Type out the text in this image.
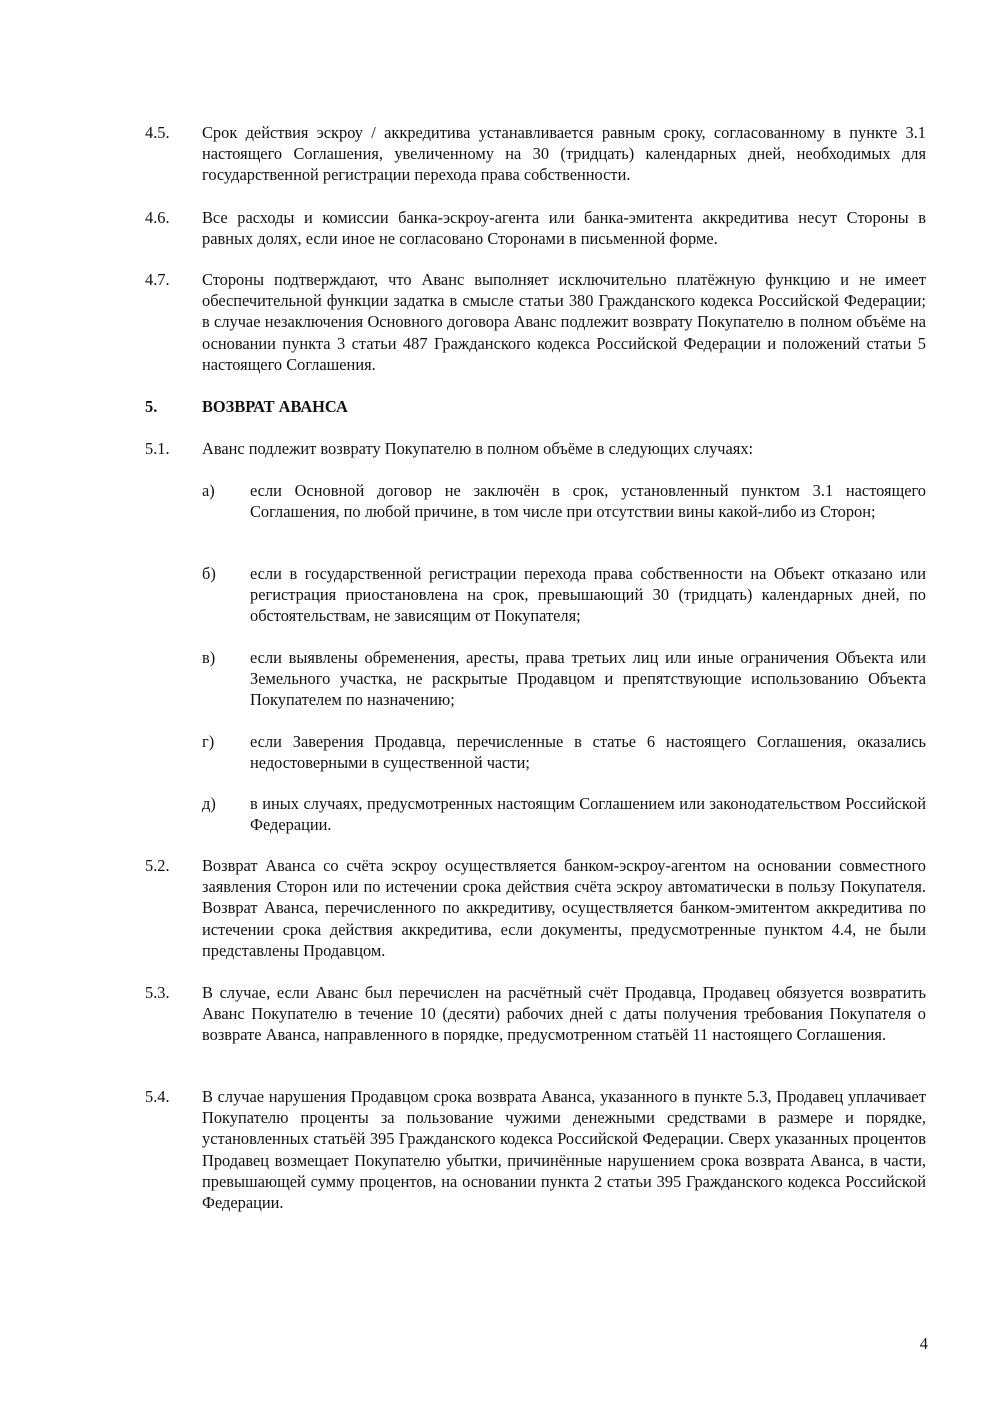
4.5.	Срок действия эскроу / аккредитива устанавливается равным сроку, согласованному в пункте 3.1 настоящего Соглашения, увеличенному на 30 (тридцать) календарных дней, необходимых для государственной регистрации перехода права собственности.
4.6.	Все расходы и комиссии банка-эскроу-агента или банка-эмитента аккредитива несут Стороны в равных долях, если иное не согласовано Сторонами в письменной форме.
4.7.	Стороны подтверждают, что Аванс выполняет исключительно платёжную функцию и не имеет обеспечительной функции задатка в смысле статьи 380 Гражданского кодекса Российской Федерации; в случае незаключения Основного договора Аванс подлежит возврату Покупателю в полном объёме на основании пункта 3 статьи 487 Гражданского кодекса Российской Федерации и положений статьи 5 настоящего Соглашения.
5.	ВОЗВРАТ АВАНСА
5.1.	Аванс подлежит возврату Покупателю в полном объёме в следующих случаях:
а)	если Основной договор не заключён в срок, установленный пунктом 3.1 настоящего Соглашения, по любой причине, в том числе при отсутствии вины какой-либо из Сторон;
б)	если в государственной регистрации перехода права собственности на Объект отказано или регистрация приостановлена на срок, превышающий 30 (тридцать) календарных дней, по обстоятельствам, не зависящим от Покупателя;
в)	если выявлены обременения, аресты, права третьих лиц или иные ограничения Объекта или Земельного участка, не раскрытые Продавцом и препятствующие использованию Объекта Покупателем по назначению;
г)	если Заверения Продавца, перечисленные в статье 6 настоящего Соглашения, оказались недостоверными в существенной части;
д)	в иных случаях, предусмотренных настоящим Соглашением или законодательством Российской Федерации.
5.2.	Возврат Аванса со счёта эскроу осуществляется банком-эскроу-агентом на основании совместного заявления Сторон или по истечении срока действия счёта эскроу автоматически в пользу Покупателя. Возврат Аванса, перечисленного по аккредитиву, осуществляется банком-эмитентом аккредитива по истечении срока действия аккредитива, если документы, предусмотренные пунктом 4.4, не были представлены Продавцом.
5.3.	В случае, если Аванс был перечислен на расчётный счёт Продавца, Продавец обязуется возвратить Аванс Покупателю в течение 10 (десяти) рабочих дней с даты получения требования Покупателя о возврате Аванса, направленного в порядке, предусмотренном статьёй 11 настоящего Соглашения.
5.4.	В случае нарушения Продавцом срока возврата Аванса, указанного в пункте 5.3, Продавец уплачивает Покупателю проценты за пользование чужими денежными средствами в размере и порядке, установленных статьёй 395 Гражданского кодекса Российской Федерации. Сверх указанных процентов Продавец возмещает Покупателю убытки, причинённые нарушением срока возврата Аванса, в части, превышающей сумму процентов, на основании пункта 2 статьи 395 Гражданского кодекса Российской Федерации.
4
